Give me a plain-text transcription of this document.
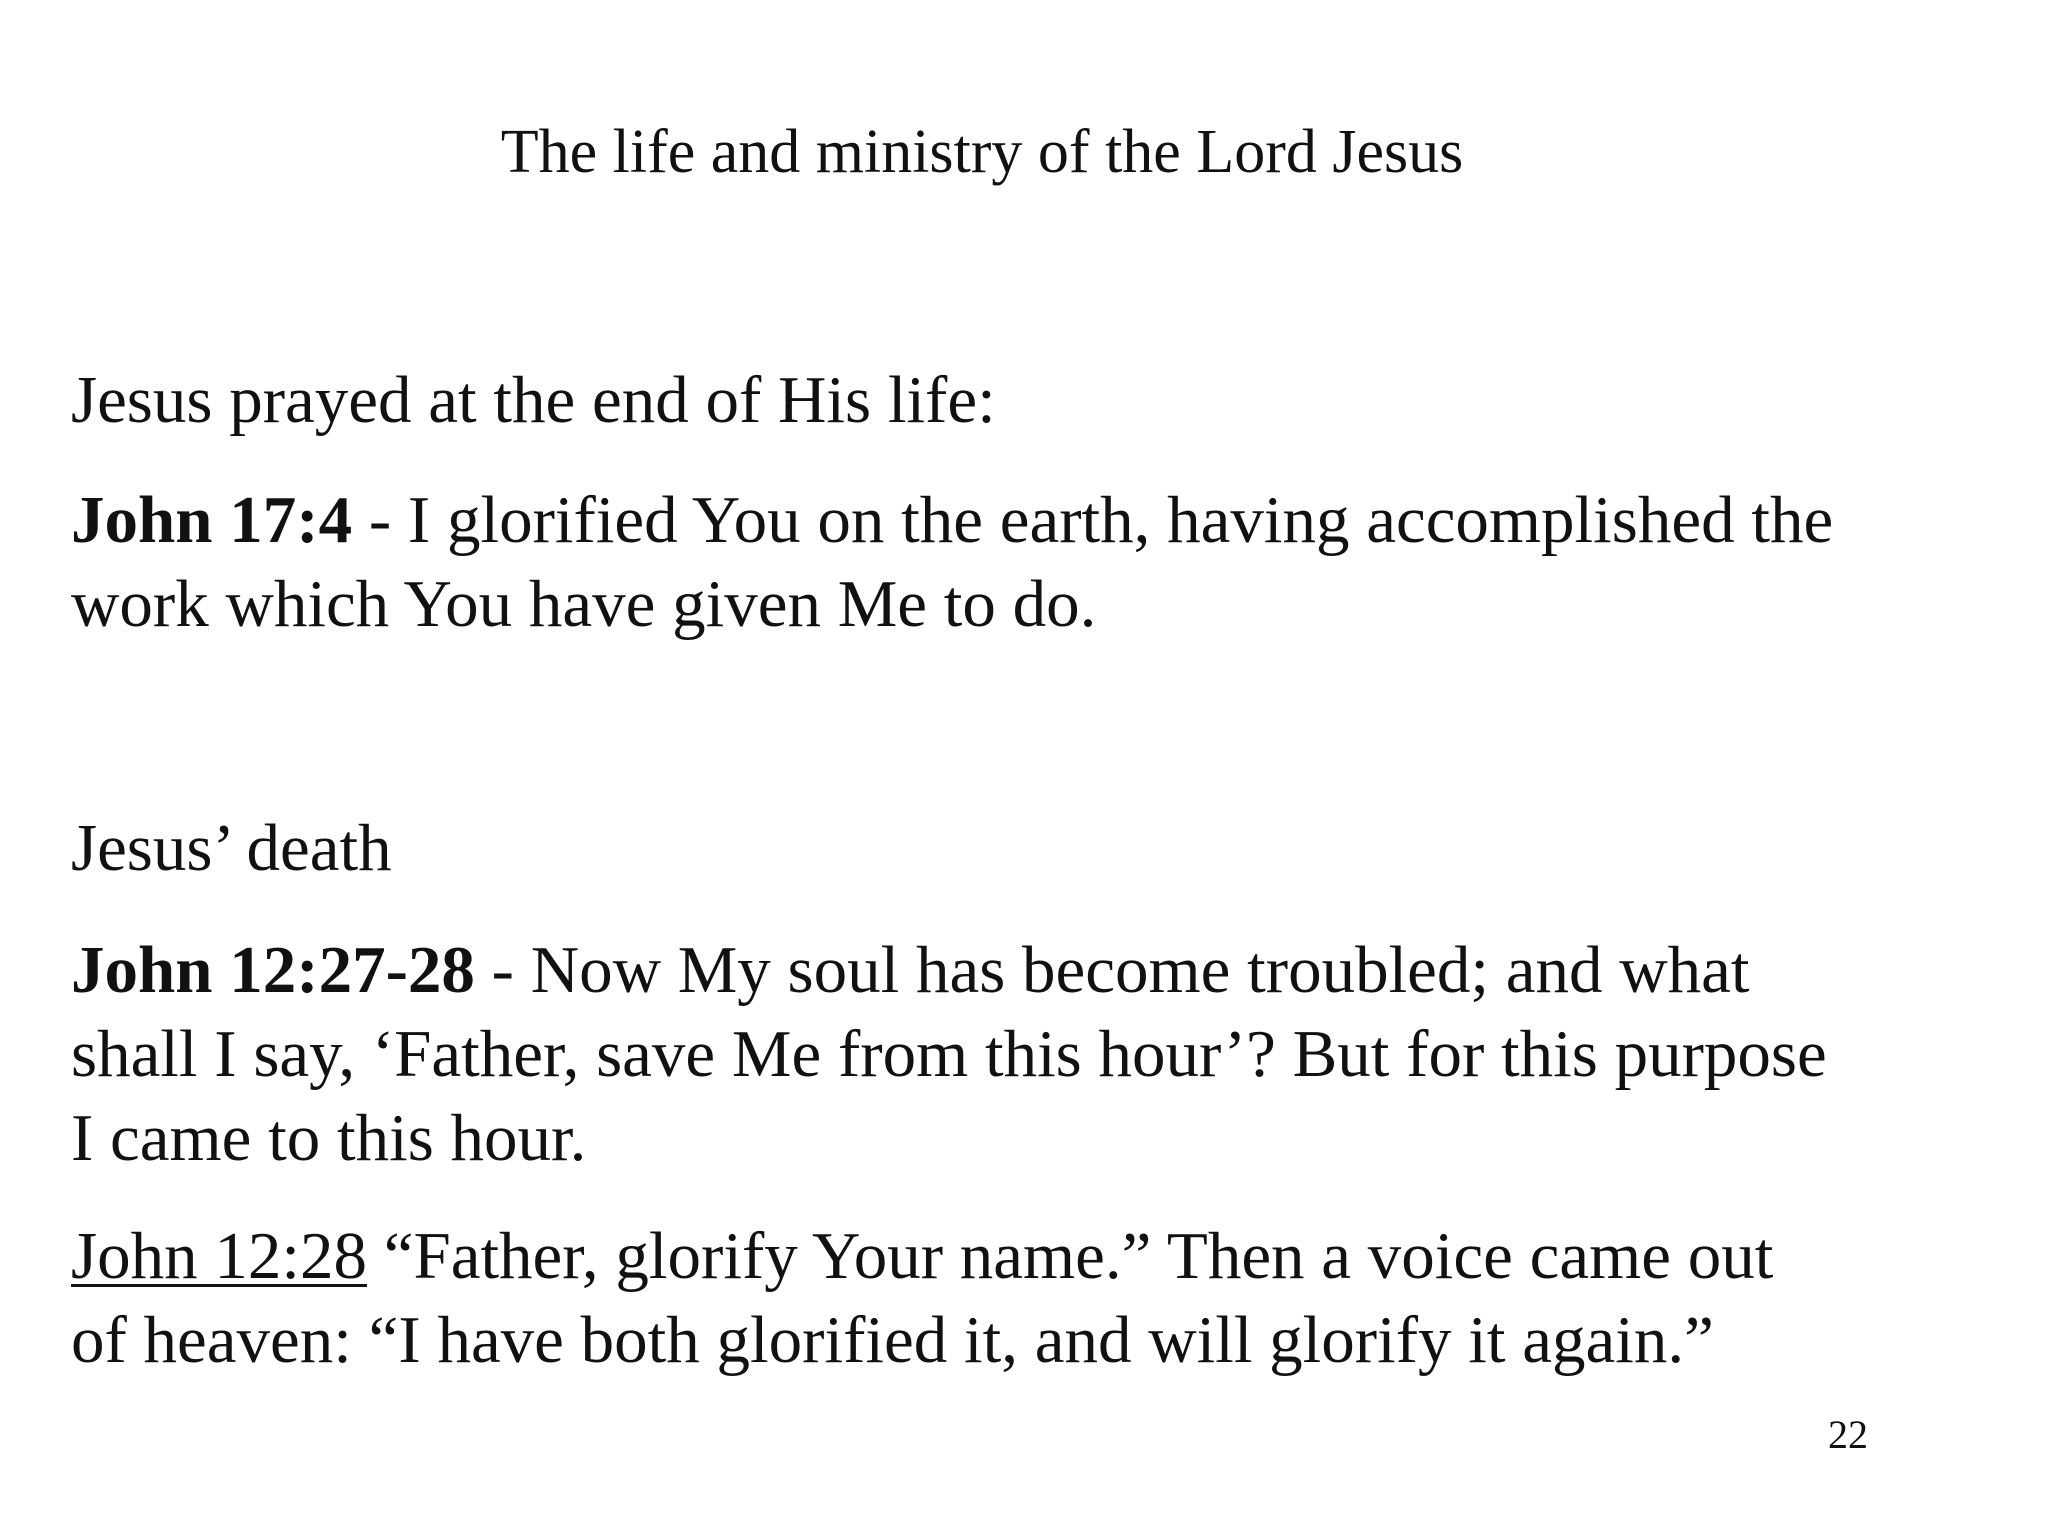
The life and ministry of the Lord Jesus

Jesus prayed at the end of His life:

John 17:4 - I glorified You on the earth, having accomplished the
work which You have given Me to do.

Jesus’ death

John 12:27-28 - Now My soul has become troubled; and what
shall I say, ‘Father, save Me from this hour’? But for this purpose
I came to this hour.

John 12:28 “Father, glorify Your name.” Then a voice came out
of heaven: “I have both glorified it, and will glorify it again.”

22
